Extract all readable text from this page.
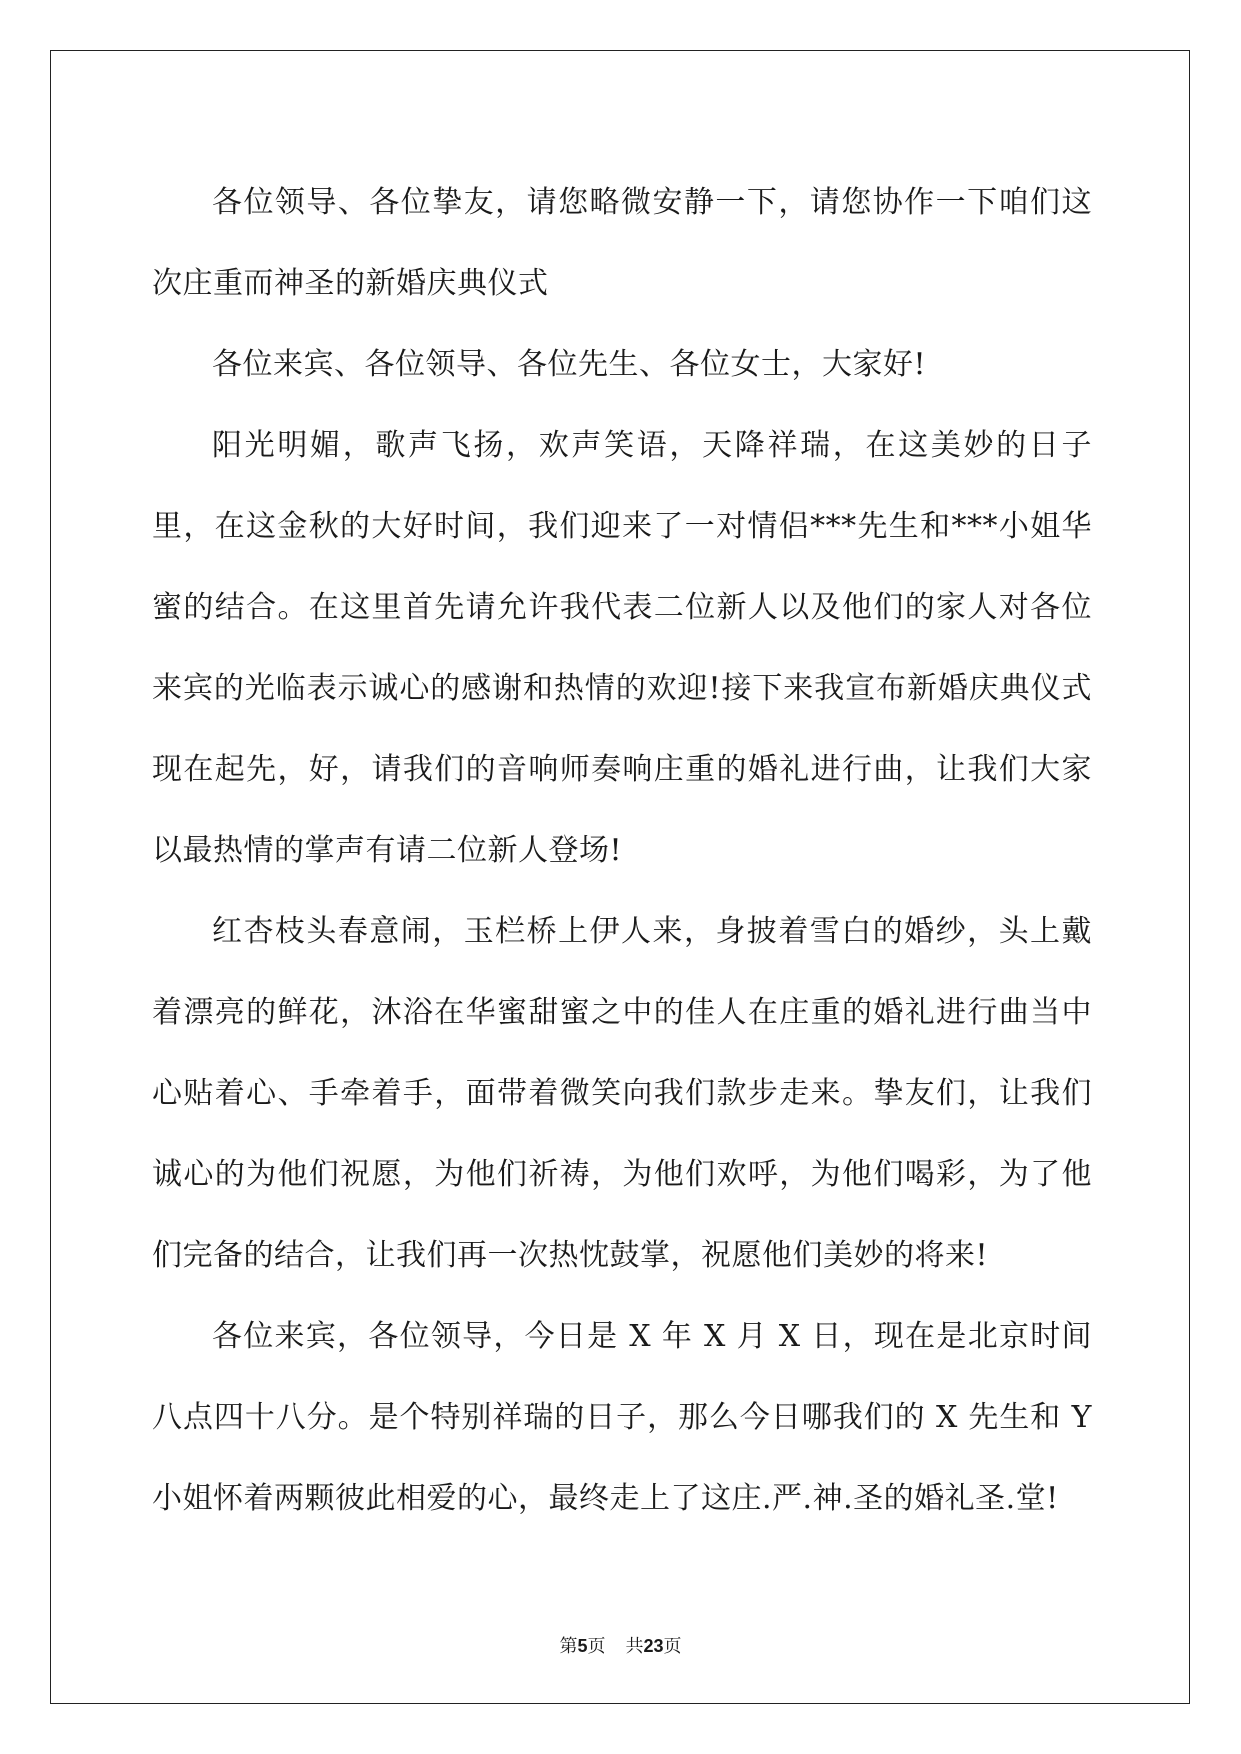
各位领导、各位挚友，请您略微安静一下，请您协作一下咱们这次庄重而神圣的新婚庆典仪式

各位来宾、各位领导、各位先生、各位女士，大家好!

阳光明媚，歌声飞扬，欢声笑语，天降祥瑞，在这美妙的日子里，在这金秋的大好时间，我们迎来了一对情侣***先生和***小姐华蜜的结合。在这里首先请允许我代表二位新人以及他们的家人对各位来宾的光临表示诚心的感谢和热情的欢迎!接下来我宣布新婚庆典仪式现在起先，好，请我们的音响师奏响庄重的婚礼进行曲，让我们大家以最热情的掌声有请二位新人登场!

红杏枝头春意闹，玉栏桥上伊人来，身披着雪白的婚纱，头上戴着漂亮的鲜花，沐浴在华蜜甜蜜之中的佳人在庄重的婚礼进行曲当中心贴着心、手牵着手，面带着微笑向我们款步走来。挚友们，让我们诚心的为他们祝愿，为他们祈祷，为他们欢呼，为他们喝彩，为了他们完备的结合，让我们再一次热忱鼓掌，祝愿他们美妙的将来!

各位来宾，各位领导，今日是 X 年 X 月 X 日，现在是北京时间八点四十八分。是个特别祥瑞的日子，那么今日哪我们的 X 先生和 Y 小姐怀着两颗彼此相爱的心，最终走上了这庄.严.神.圣的婚礼圣.堂!

第5页 共23页
